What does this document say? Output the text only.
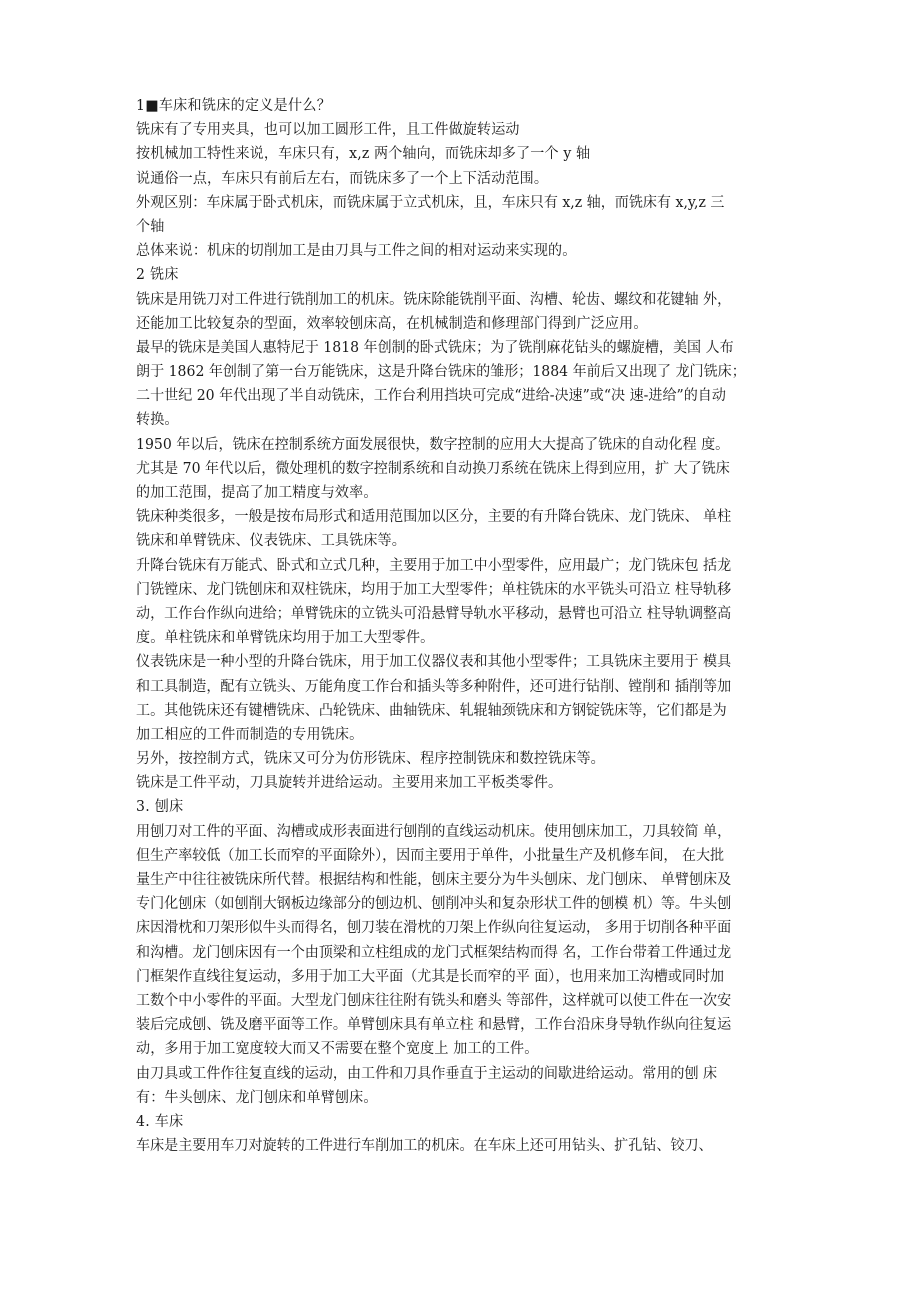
1■车床和铣床的定义是什么？
铣床有了专用夹具，也可以加工圆形工件，且工件做旋转运动
按机械加工特性来说，车床只有，x,z 两个轴向，而铣床却多了一个 y 轴
说通俗一点，车床只有前后左右，而铣床多了一个上下活动范围。
外观区别：车床属于卧式机床，而铣床属于立式机床，且，车床只有 x,z 轴，而铣床有 x,y,z 三
个轴
总体来说：机床的切削加工是由刀具与工件之间的相对运动来实现的。
2 铣床
铣床是用铣刀对工件进行铣削加工的机床。铣床除能铣削平面、沟槽、轮齿、螺纹和花键轴 外，
还能加工比较复杂的型面，效率较刨床高，在机械制造和修理部门得到广泛应用。
最早的铣床是美国人惠特尼于 1818 年创制的卧式铣床；为了铣削麻花钻头的螺旋槽，美国 人布
朗于 1862 年创制了第一台万能铣床，这是升降台铣床的雏形；1884 年前后又出现了 龙门铣床；
二十世纪 20 年代出现了半自动铣床，工作台利用挡块可完成“进给-决速”或“决 速-进给”的自动
转换。
1950 年以后，铣床在控制系统方面发展很快，数字控制的应用大大提高了铣床的自动化程 度。
尤其是 70 年代以后，微处理机的数字控制系统和自动换刀系统在铣床上得到应用，扩 大了铣床
的加工范围，提高了加工精度与效率。
铣床种类很多，一般是按布局形式和适用范围加以区分，主要的有升降台铣床、龙门铣床、 单柱
铣床和单臂铣床、仪表铣床、工具铣床等。
升降台铣床有万能式、卧式和立式几种，主要用于加工中小型零件，应用最广；龙门铣床包 括龙
门铣镗床、龙门铣刨床和双柱铣床，均用于加工大型零件；单柱铣床的水平铣头可沿立 柱导轨移
动，工作台作纵向进给；单臂铣床的立铣头可沿悬臂导轨水平移动，悬臂也可沿立 柱导轨调整高
度。单柱铣床和单臂铣床均用于加工大型零件。
仪表铣床是一种小型的升降台铣床，用于加工仪器仪表和其他小型零件；工具铣床主要用于 模具
和工具制造，配有立铣头、万能角度工作台和插头等多种附件，还可进行钻削、镗削和 插削等加
工。其他铣床还有键槽铣床、凸轮铣床、曲轴铣床、轧辊轴颈铣床和方钢锭铣床等，它们都是为
加工相应的工件而制造的专用铣床。
另外，按控制方式，铣床又可分为仿形铣床、程序控制铣床和数控铣床等。
铣床是工件平动，刀具旋转并进给运动。主要用来加工平板类零件。
3. 刨床
用刨刀对工件的平面、沟槽或成形表面进行刨削的直线运动机床。使用刨床加工，刀具较简 单，
但生产率较低（加工长而窄的平面除外），因而主要用于单件，小批量生产及机修车间， 在大批
量生产中往往被铣床所代替。根据结构和性能，刨床主要分为牛头刨床、龙门刨床、 单臂刨床及
专门化刨床（如刨削大钢板边缘部分的刨边机、刨削冲头和复杂形状工件的刨模 机）等。牛头刨
床因滑枕和刀架形似牛头而得名，刨刀装在滑枕的刀架上作纵向往复运动， 多用于切削各种平面
和沟槽。龙门刨床因有一个由顶梁和立柱组成的龙门式框架结构而得 名，工作台带着工件通过龙
门框架作直线往复运动，多用于加工大平面（尤其是长而窄的平 面），也用来加工沟槽或同时加
工数个中小零件的平面。大型龙门刨床往往附有铣头和磨头 等部件，这样就可以使工件在一次安
装后完成刨、铣及磨平面等工作。单臂刨床具有单立柱 和悬臂，工作台沿床身导轨作纵向往复运
动，多用于加工宽度较大而又不需要在整个宽度上 加工的工件。
由刀具或工件作往复直线的运动，由工件和刀具作垂直于主运动的间歇进给运动。常用的刨 床
有：牛头刨床、龙门刨床和单臂刨床。
4. 车床
车床是主要用车刀对旋转的工件进行车削加工的机床。在车床上还可用钻头、扩孔钻、铰刀、
